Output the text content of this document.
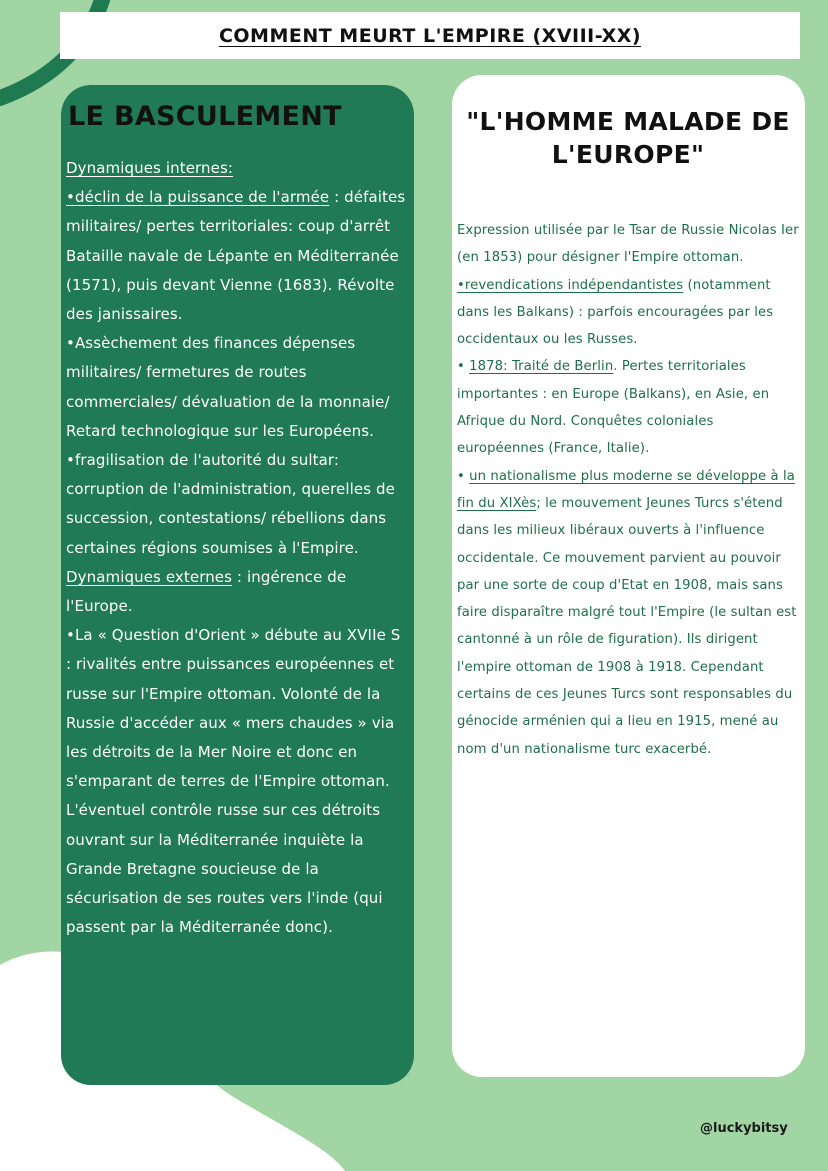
COMMENT MEURT L'EMPIRE (XVIII-XX)
LE BASCULEMENT

Dynamiques internes:

•déclin de la puissance de l'armée : défaites militaires/ pertes territoriales: coup d'arrêt Bataille navale de Lépante en Méditerranée (1571), puis devant Vienne (1683). Révolte des janissaires.

•Assèchement des finances dépenses militaires/ fermetures de routes commerciales/ dévaluation de la monnaie/ Retard technologique sur les Européens.

•fragilisation de l'autorité du sultar: corruption de l'administration, querelles de succession, contestations/ rébellions dans certaines régions soumises à l'Empire.

Dynamiques externes : ingérence de l'Europe.

•La « Question d'Orient » débute au XVIIe S : rivalités entre puissances européennes et russe sur l'Empire ottoman. Volonté de la Russie d'accéder aux « mers chaudes » via les détroits de la Mer Noire et donc en s'emparant de terres de l'Empire ottoman. L'éventuel contrôle russe sur ces détroits ouvrant sur la Méditerranée inquiète la Grande Bretagne soucieuse de la sécurisation de ses routes vers l'inde (qui passent par la Méditerranée donc).

"L'HOMME MALADE DE L'EUROPE"

Expression utilisée par le Tsar de Russie Nicolas Ier (en 1853) pour désigner l'Empire ottoman.

•revendications indépendantistes (notamment dans les Balkans) : parfois encouragées par les occidentaux ou les Russes.

• 1878: Traité de Berlin. Pertes territoriales importantes : en Europe (Balkans), en Asie, en Afrique du Nord. Conquêtes coloniales européennes (France, Italie).

• un nationalisme plus moderne se développe à la fin du XIXès; le mouvement Jeunes Turcs s'étend dans les milieux libéraux ouverts à l'influence occidentale. Ce mouvement parvient au pouvoir par une sorte de coup d'Etat en 1908, mais sans faire disparaître malgré tout l'Empire (le sultan est cantonné à un rôle de figuration). Ils dirigent l'empire ottoman de 1908 à 1918. Cependant certains de ces Jeunes Turcs sont responsables du génocide arménien qui a lieu en 1915, mené au nom d'un nationalisme turc exacerbé.

@luckybitsy
